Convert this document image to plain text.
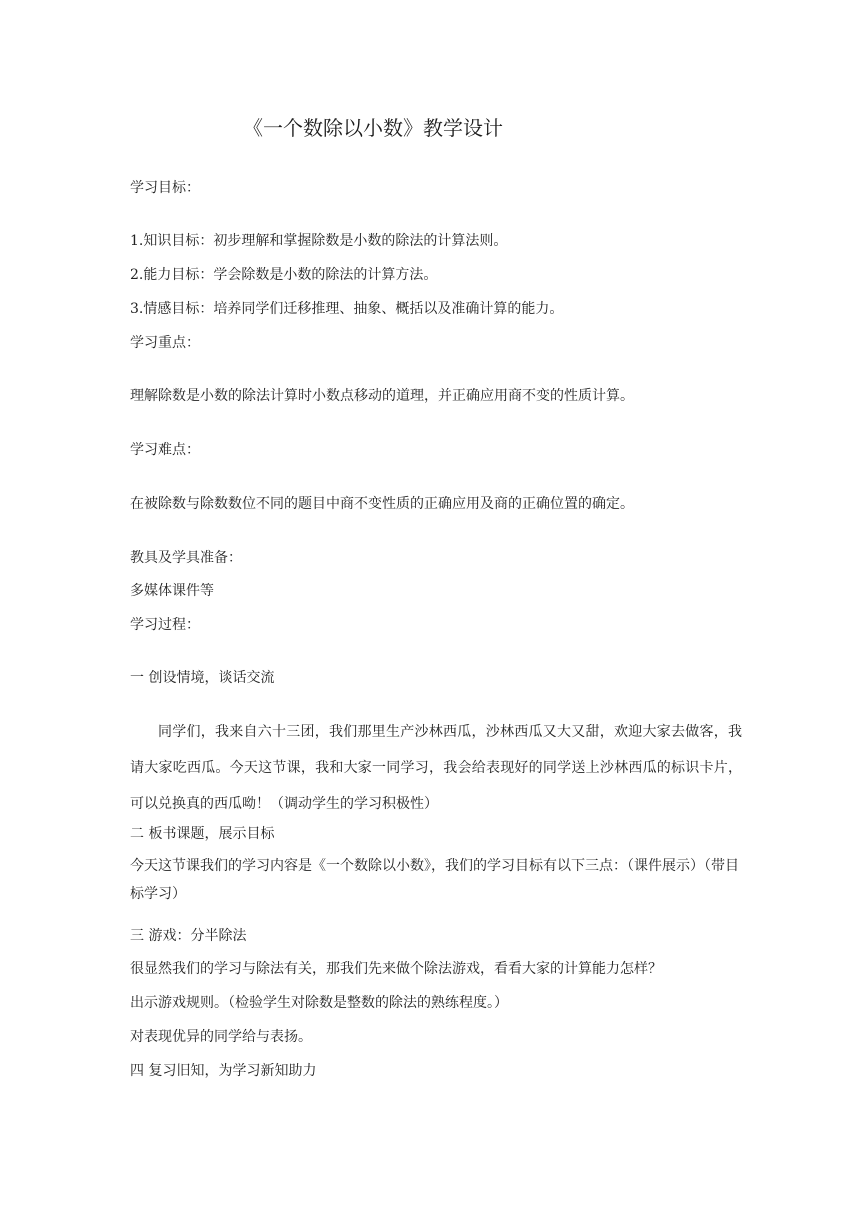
《一个数除以小数》教学设计
学习目标：
1.知识目标：初步理解和掌握除数是小数的除法的计算法则。
2.能力目标：学会除数是小数的除法的计算方法。
3.情感目标：培养同学们迁移推理、抽象、概括以及准确计算的能力。
学习重点：
理解除数是小数的除法计算时小数点移动的道理，并正确应用商不变的性质计算。
学习难点：
在被除数与除数数位不同的题目中商不变性质的正确应用及商的正确位置的确定。
教具及学具准备：
多媒体课件等
学习过程：
一 创设情境，谈话交流
同学们，我来自六十三团，我们那里生产沙林西瓜，沙林西瓜又大又甜，欢迎大家去做客，我请大家吃西瓜。今天这节课，我和大家一同学习，我会给表现好的同学送上沙林西瓜的标识卡片，可以兑换真的西瓜呦！（调动学生的学习积极性）
二 板书课题，展示目标
今天这节课我们的学习内容是《一个数除以小数》，我们的学习目标有以下三点：（课件展示）（带目标学习）
三 游戏：分半除法
很显然我们的学习与除法有关，那我们先来做个除法游戏，看看大家的计算能力怎样？
出示游戏规则。（检验学生对除数是整数的除法的熟练程度。）
对表现优异的同学给与表扬。
四 复习旧知，为学习新知助力
